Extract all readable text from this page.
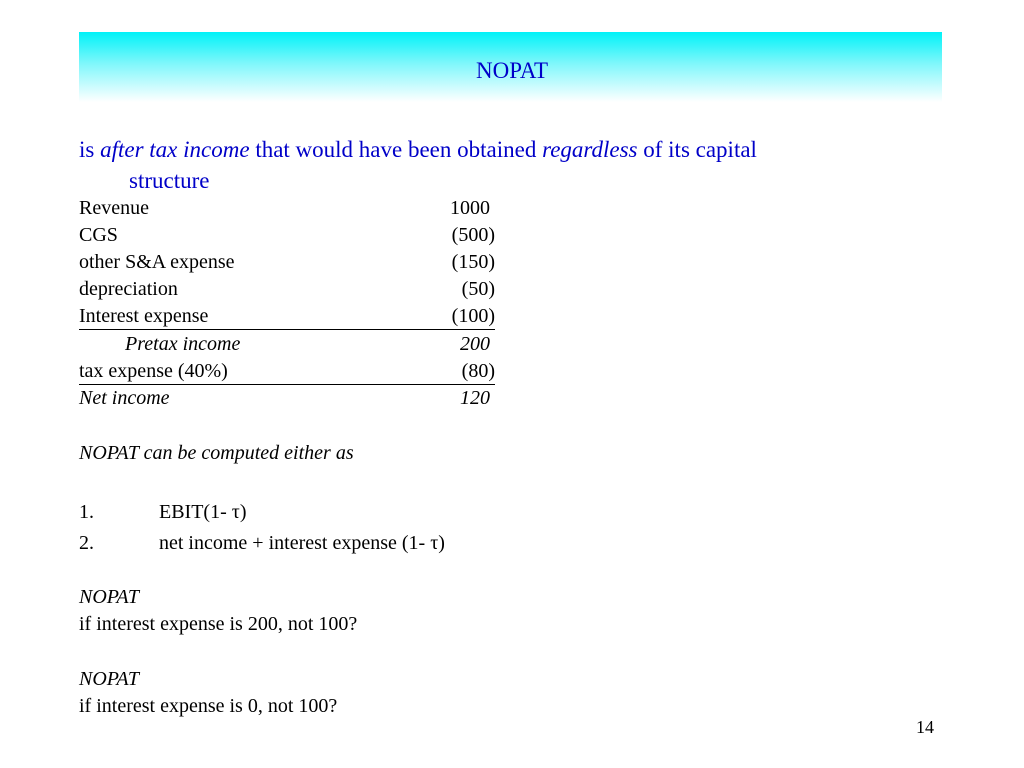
NOPAT
is after tax income that would have been obtained regardless of its capital
structure
Revenue	1000
CGS	(500)
other S&A expense	(150)
depreciation	(50)
Interest expense	(100)
Pretax income	200
tax expense (40%)	(80)
Net income	120
NOPAT can be computed either as
1.	EBIT(1- τ)
2.	net income + interest expense (1- τ)
NOPAT
if interest expense is 200, not 100?
NOPAT
if interest expense is 0, not 100?
14
